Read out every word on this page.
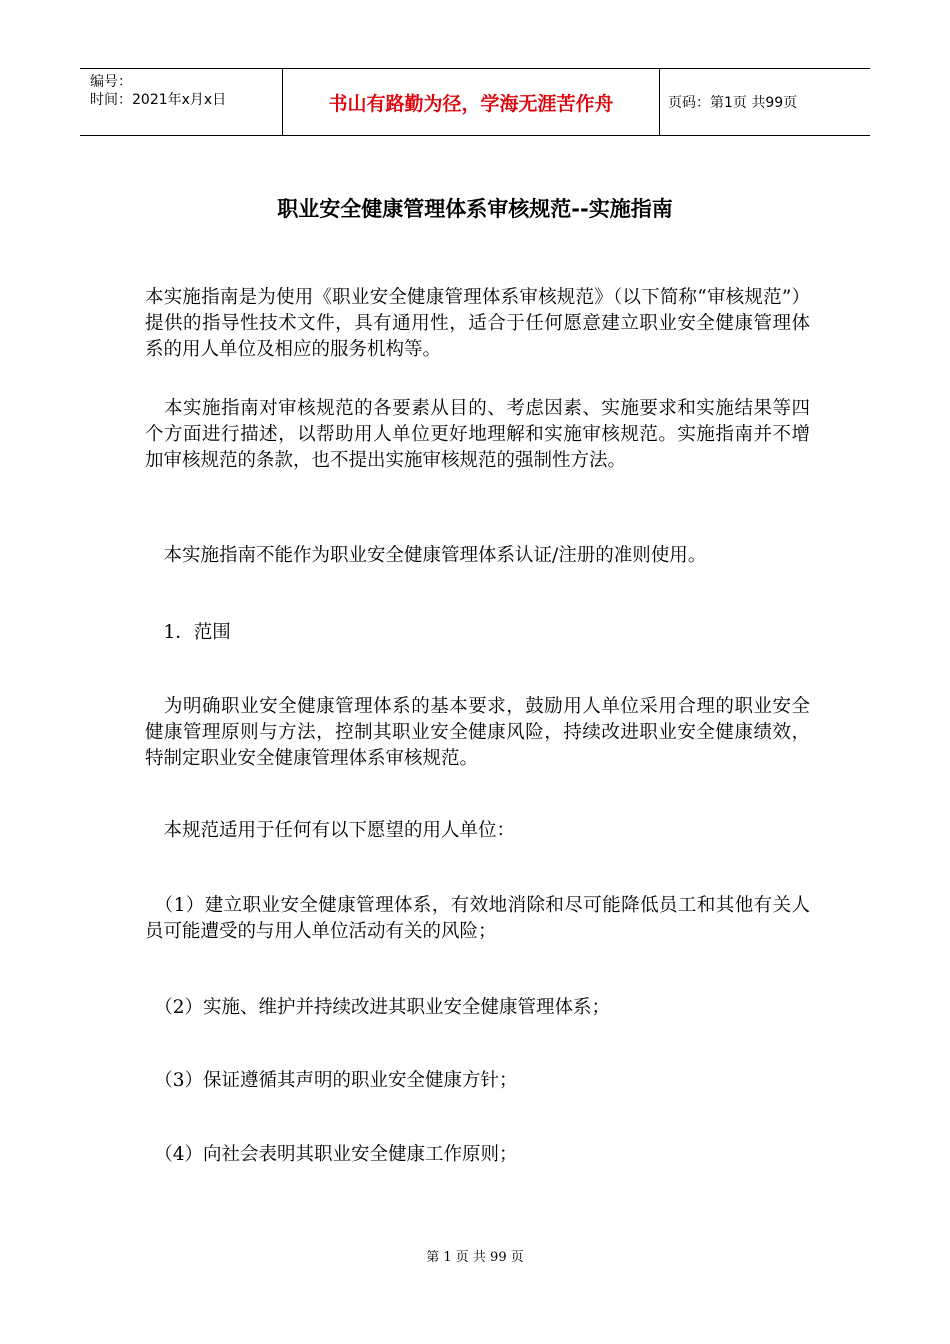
编号：
时间：2021年x月x日	书山有路勤为径，学海无涯苦作舟	页码：第1页 共99页
职业安全健康管理体系审核规范--实施指南

本实施指南是为使用《职业安全健康管理体系审核规范》（以下简称“审核规范”）提供的指导性技术文件，具有通用性，适合于任何愿意建立职业安全健康管理体系的用人单位及相应的服务机构等。

　本实施指南对审核规范的各要素从目的、考虑因素、实施要求和实施结果等四个方面进行描述，以帮助用人单位更好地理解和实施审核规范。实施指南并不增加审核规范的条款，也不提出实施审核规范的强制性方法。

　本实施指南不能作为职业安全健康管理体系认证/注册的准则使用。

　1．范围

　为明确职业安全健康管理体系的基本要求，鼓励用人单位采用合理的职业安全健康管理原则与方法，控制其职业安全健康风险，持续改进职业安全健康绩效，特制定职业安全健康管理体系审核规范。

　本规范适用于任何有以下愿望的用人单位：

　（1）建立职业安全健康管理体系，有效地消除和尽可能降低员工和其他有关人员可能遭受的与用人单位活动有关的风险；

　（2）实施、维护并持续改进其职业安全健康管理体系；

　（3）保证遵循其声明的职业安全健康方针；

　（4）向社会表明其职业安全健康工作原则；

第 1 页 共 99 页
